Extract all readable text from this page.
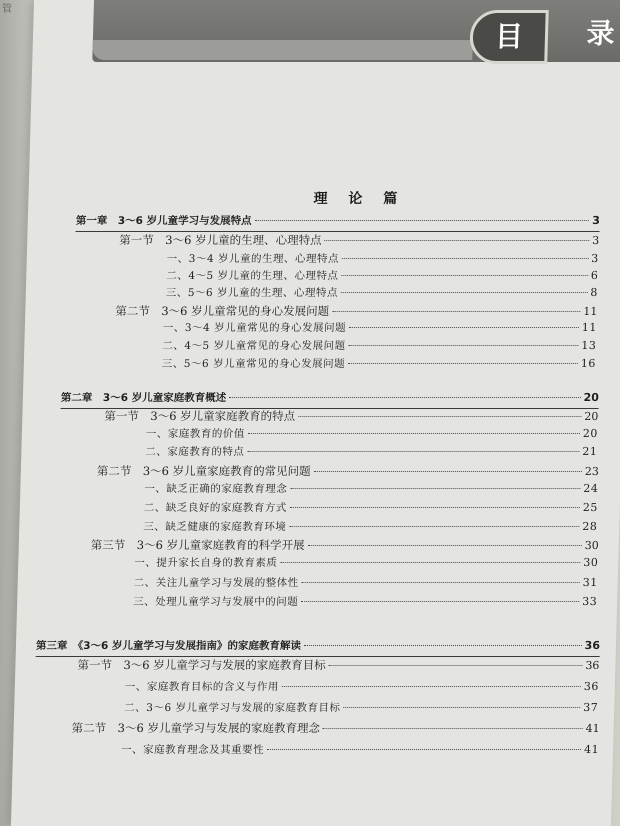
管
目	录
理 论 篇
第一章　3～6 岁儿童学习与发展特点	3
第一节　3～6 岁儿童的生理、心理特点	3
一、3～4 岁儿童的生理、心理特点	3
二、4～5 岁儿童的生理、心理特点	6
三、5～6 岁儿童的生理、心理特点	8
第二节　3～6 岁儿童常见的身心发展问题	11
一、3～4 岁儿童常见的身心发展问题	11
二、4～5 岁儿童常见的身心发展问题	13
三、5～6 岁儿童常见的身心发展问题	16
第二章　3～6 岁儿童家庭教育概述	20
第一节　3～6 岁儿童家庭教育的特点	20
一、家庭教育的价值	20
二、家庭教育的特点	21
第二节　3～6 岁儿童家庭教育的常见问题	23
一、缺乏正确的家庭教育理念	24
二、缺乏良好的家庭教育方式	25
三、缺乏健康的家庭教育环境	28
第三节　3～6 岁儿童家庭教育的科学开展	30
一、提升家长自身的教育素质	30
二、关注儿童学习与发展的整体性	31
三、处理儿童学习与发展中的问题	33
第三章　《3～6 岁儿童学习与发展指南》的家庭教育解读	36
第一节　3～6 岁儿童学习与发展的家庭教育目标	36
一、家庭教育目标的含义与作用	36
二、3～6 岁儿童学习与发展的家庭教育目标	37
第二节　3～6 岁儿童学习与发展的家庭教育理念	41
一、家庭教育理念及其重要性	41
